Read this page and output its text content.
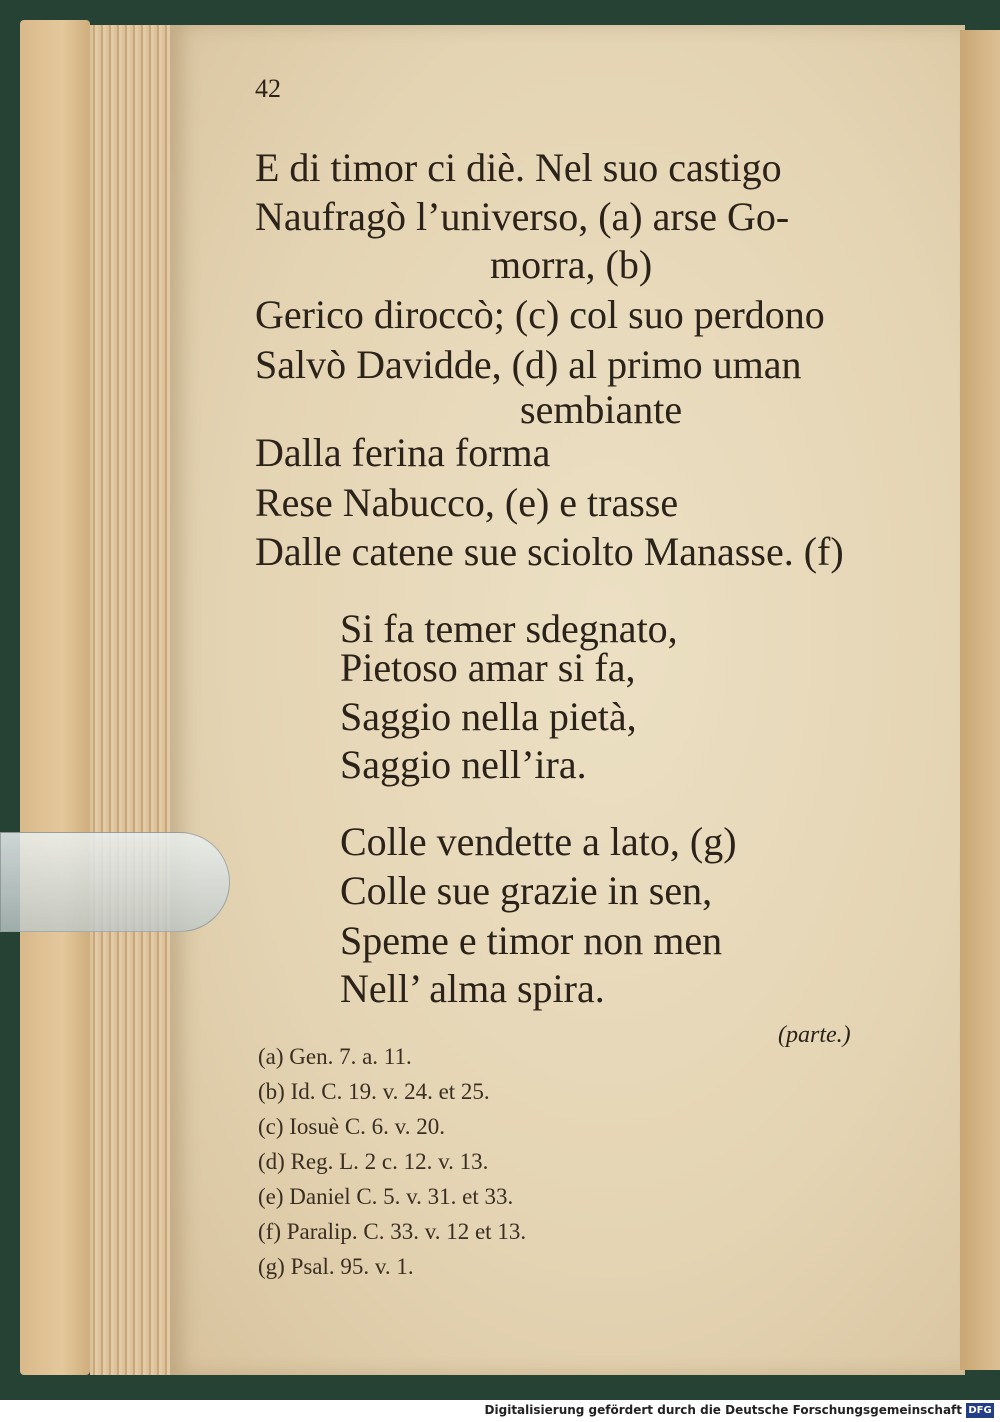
42
E di timor ci diè. Nel suo castigo
Naufragò l’universo, (a) arse Go-
morra, (b)
Gerico diroccò; (c) col suo perdono
Salvò Davidde, (d) al primo uman
sembiante
Dalla ferina forma
Rese Nabucco, (e) e trasse
Dalle catene sue sciolto Manasse. (f)
Si fa temer sdegnato,
Pietoso amar si fa,
Saggio nella pietà,
Saggio nell’ira.
Colle vendette a lato, (g)
Colle sue grazie in sen,
Speme e timor non men
Nell’ alma spira.
(parte.)
(a) Gen. 7. a. 11.
(b) Id. C. 19. v. 24. et 25.
(c) Iosuè C. 6. v. 20.
(d) Reg. L. 2 c. 12. v. 13.
(e) Daniel C. 5. v. 31. et 33.
(f) Paralip. C. 33. v. 12 et 13.
(g) Psal. 95. v. 1.
Digitalisierung gefördert durch die Deutsche Forschungsgemeinschaft DFG
